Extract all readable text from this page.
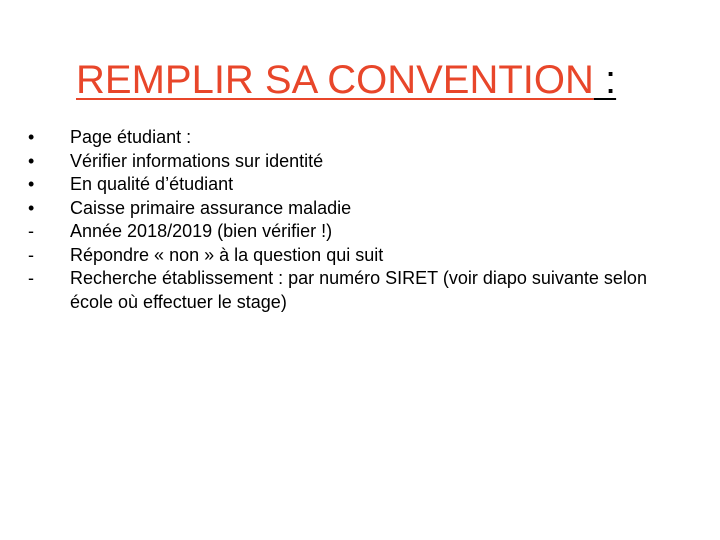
REMPLIR SA CONVENTION :
•	Page étudiant :
•	Vérifier informations sur identité
•	En qualité d’étudiant
•	Caisse primaire assurance maladie
-	Année 2018/2019 (bien vérifier !)
-	Répondre « non » à la question qui suit
-	Recherche établissement : par numéro SIRET (voir diapo suivante selon école où effectuer le stage)
